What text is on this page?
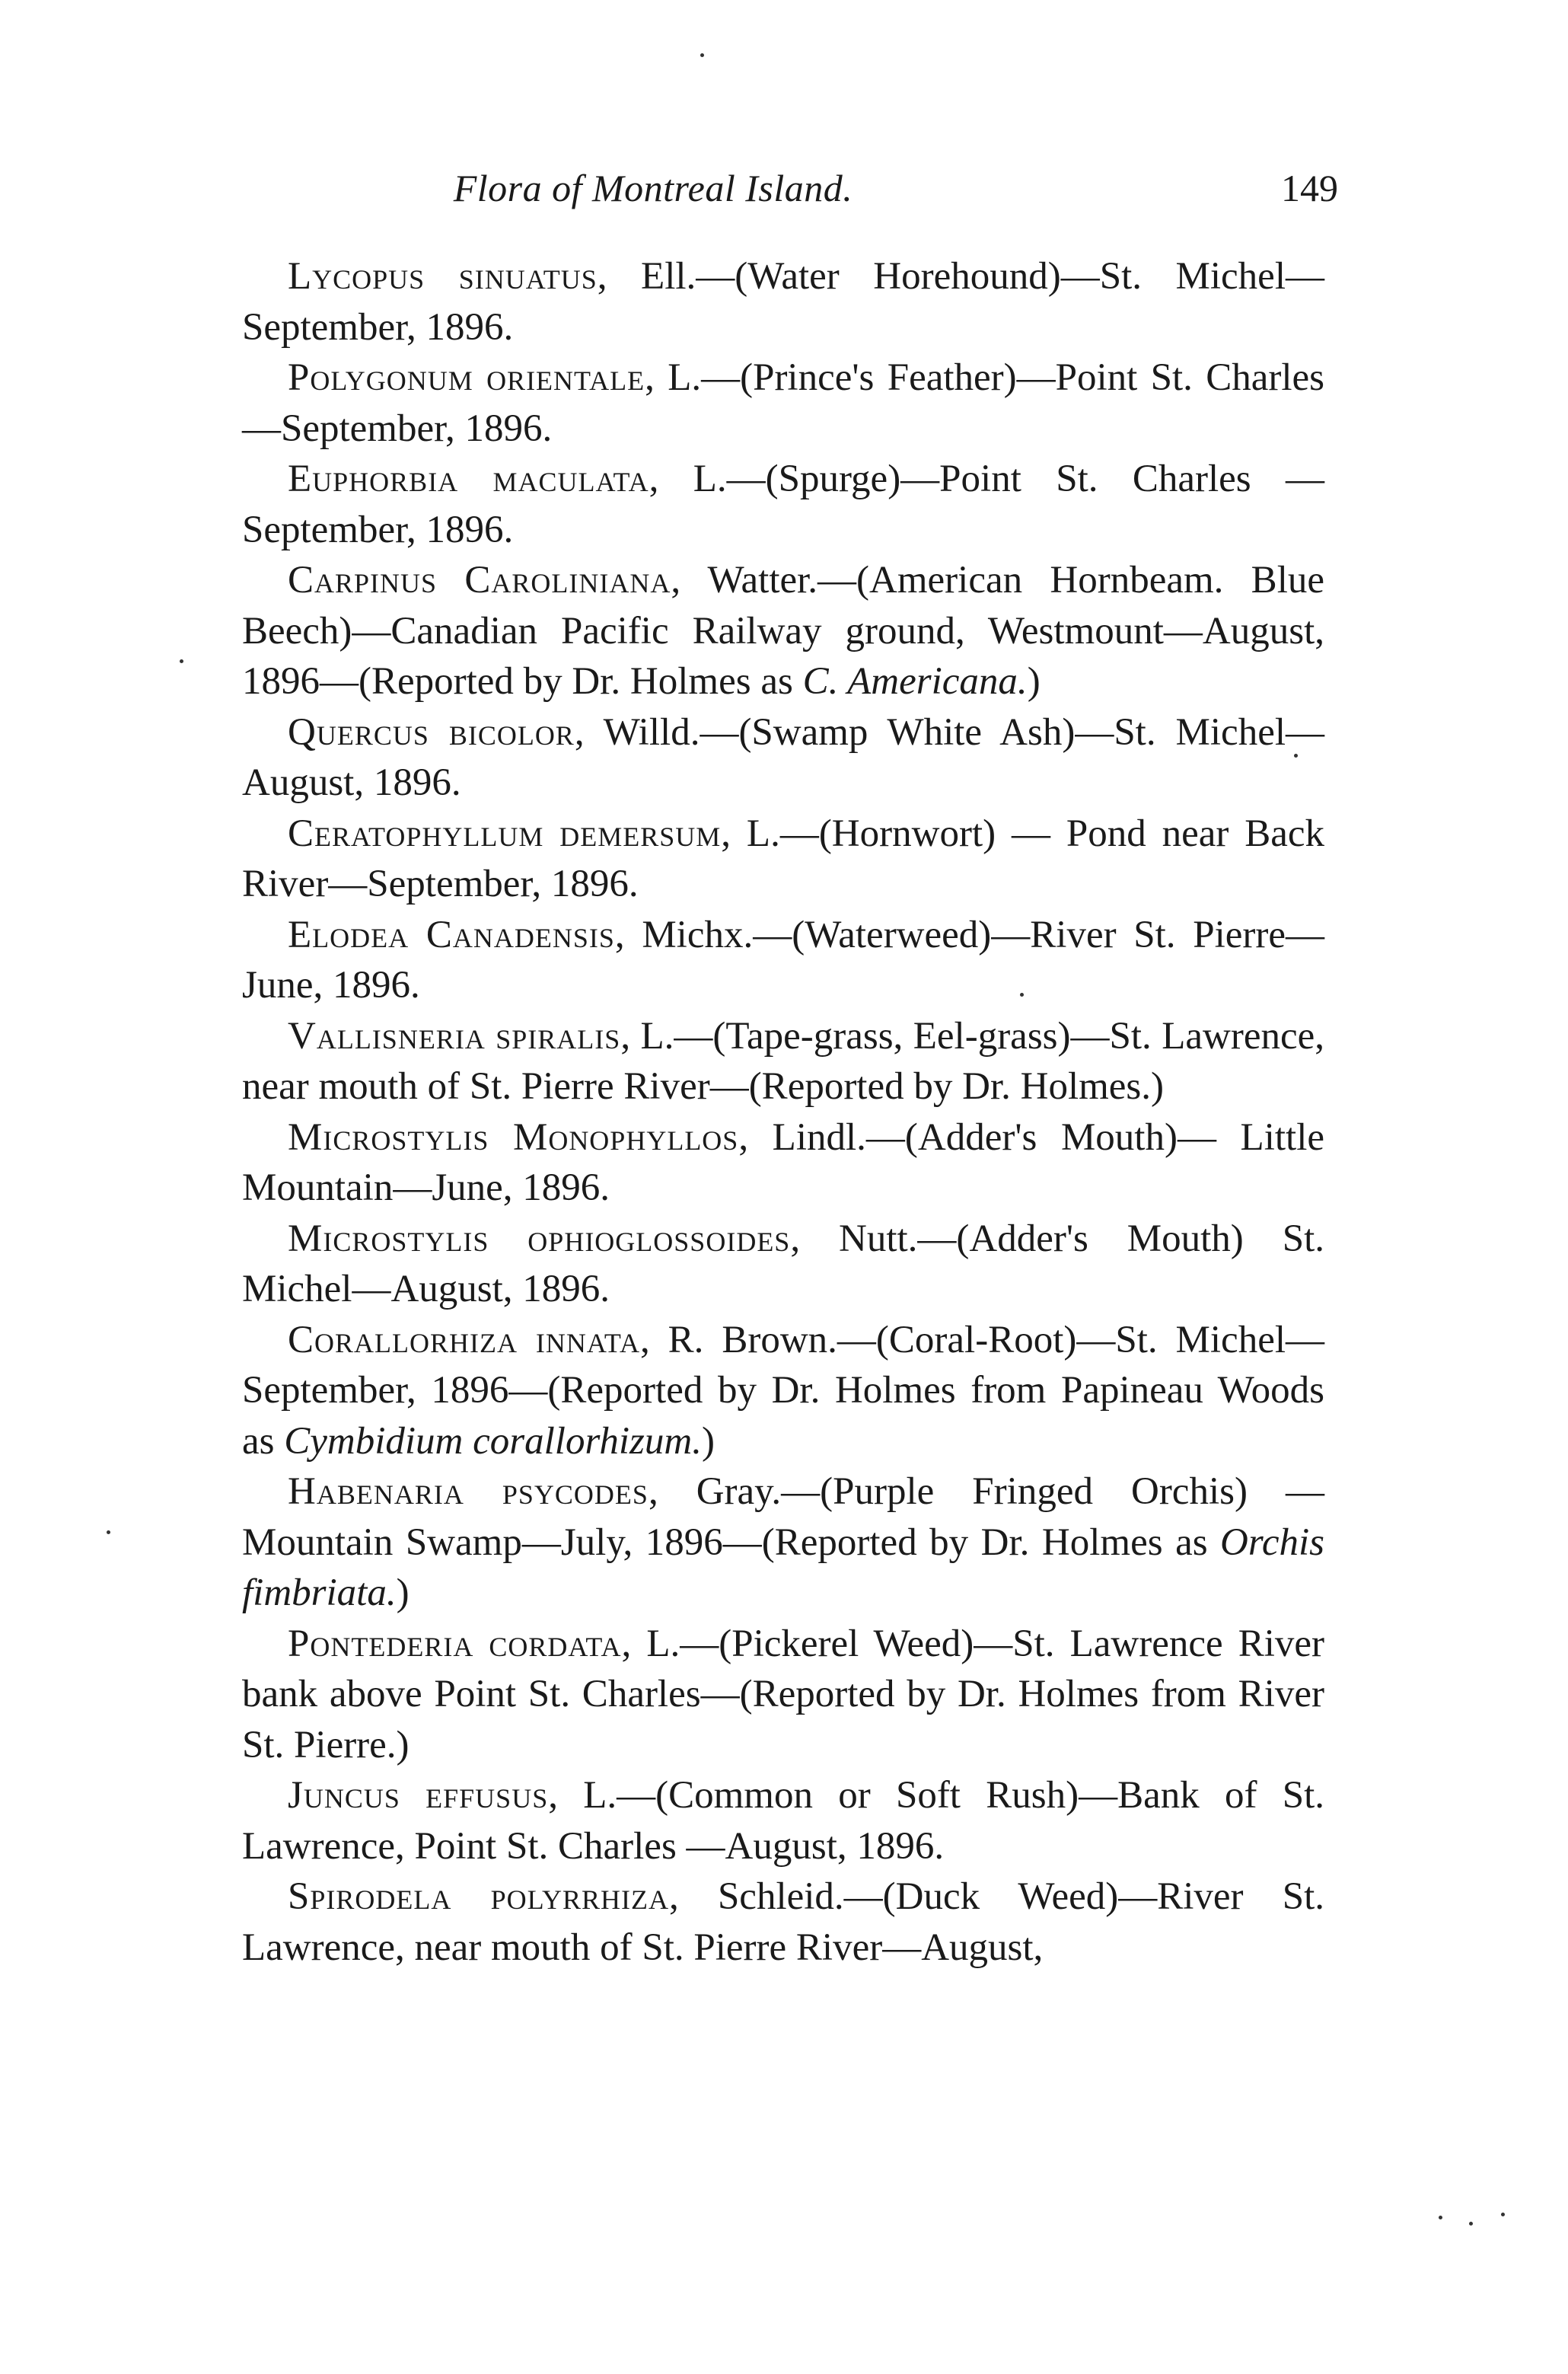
Flora of Montreal Island.	149

Lycopus sinuatus, Ell.—(Water Horehound)—St. Michel—September, 1896.

Polygonum orientale, L.—(Prince's Feather)—Point St. Charles—September, 1896.

Euphorbia maculata, L.—(Spurge)—Point St. Charles —September, 1896.

Carpinus Caroliniana, Watter.—(American Hornbeam. Blue Beech)—Canadian Pacific Railway ground, Westmount—August, 1896—(Reported by Dr. Holmes as C. Americana.)

Quercus bicolor, Willd.—(Swamp White Ash)—St. Michel—August, 1896.

Ceratophyllum demersum, L.—(Hornwort) — Pond near Back River—September, 1896.

Elodea Canadensis, Michx.—(Waterweed)—River St. Pierre—June, 1896.

Vallisneria spiralis, L.—(Tape-grass, Eel-grass)—St. Lawrence, near mouth of St. Pierre River—(Reported by Dr. Holmes.)

Microstylis Monophyllos, Lindl.—(Adder's Mouth)— Little Mountain—June, 1896.

Microstylis ophioglossoides, Nutt.—(Adder's Mouth) St. Michel—August, 1896.

Corallorhiza innata, R. Brown.—(Coral-Root)—St. Michel—September, 1896—(Reported by Dr. Holmes from Papineau Woods as Cymbidium corallorhizum.)

Habenaria psycodes, Gray.—(Purple Fringed Orchis) —Mountain Swamp—July, 1896—(Reported by Dr. Holmes as Orchis fimbriata.)

Pontederia cordata, L.—(Pickerel Weed)—St. Lawrence River bank above Point St. Charles—(Reported by Dr. Holmes from River St. Pierre.)

Juncus effusus, L.—(Common or Soft Rush)—Bank of St. Lawrence, Point St. Charles —August, 1896.

Spirodela polyrrhiza, Schleid.—(Duck Weed)—River St. Lawrence, near mouth of St. Pierre River—August,
